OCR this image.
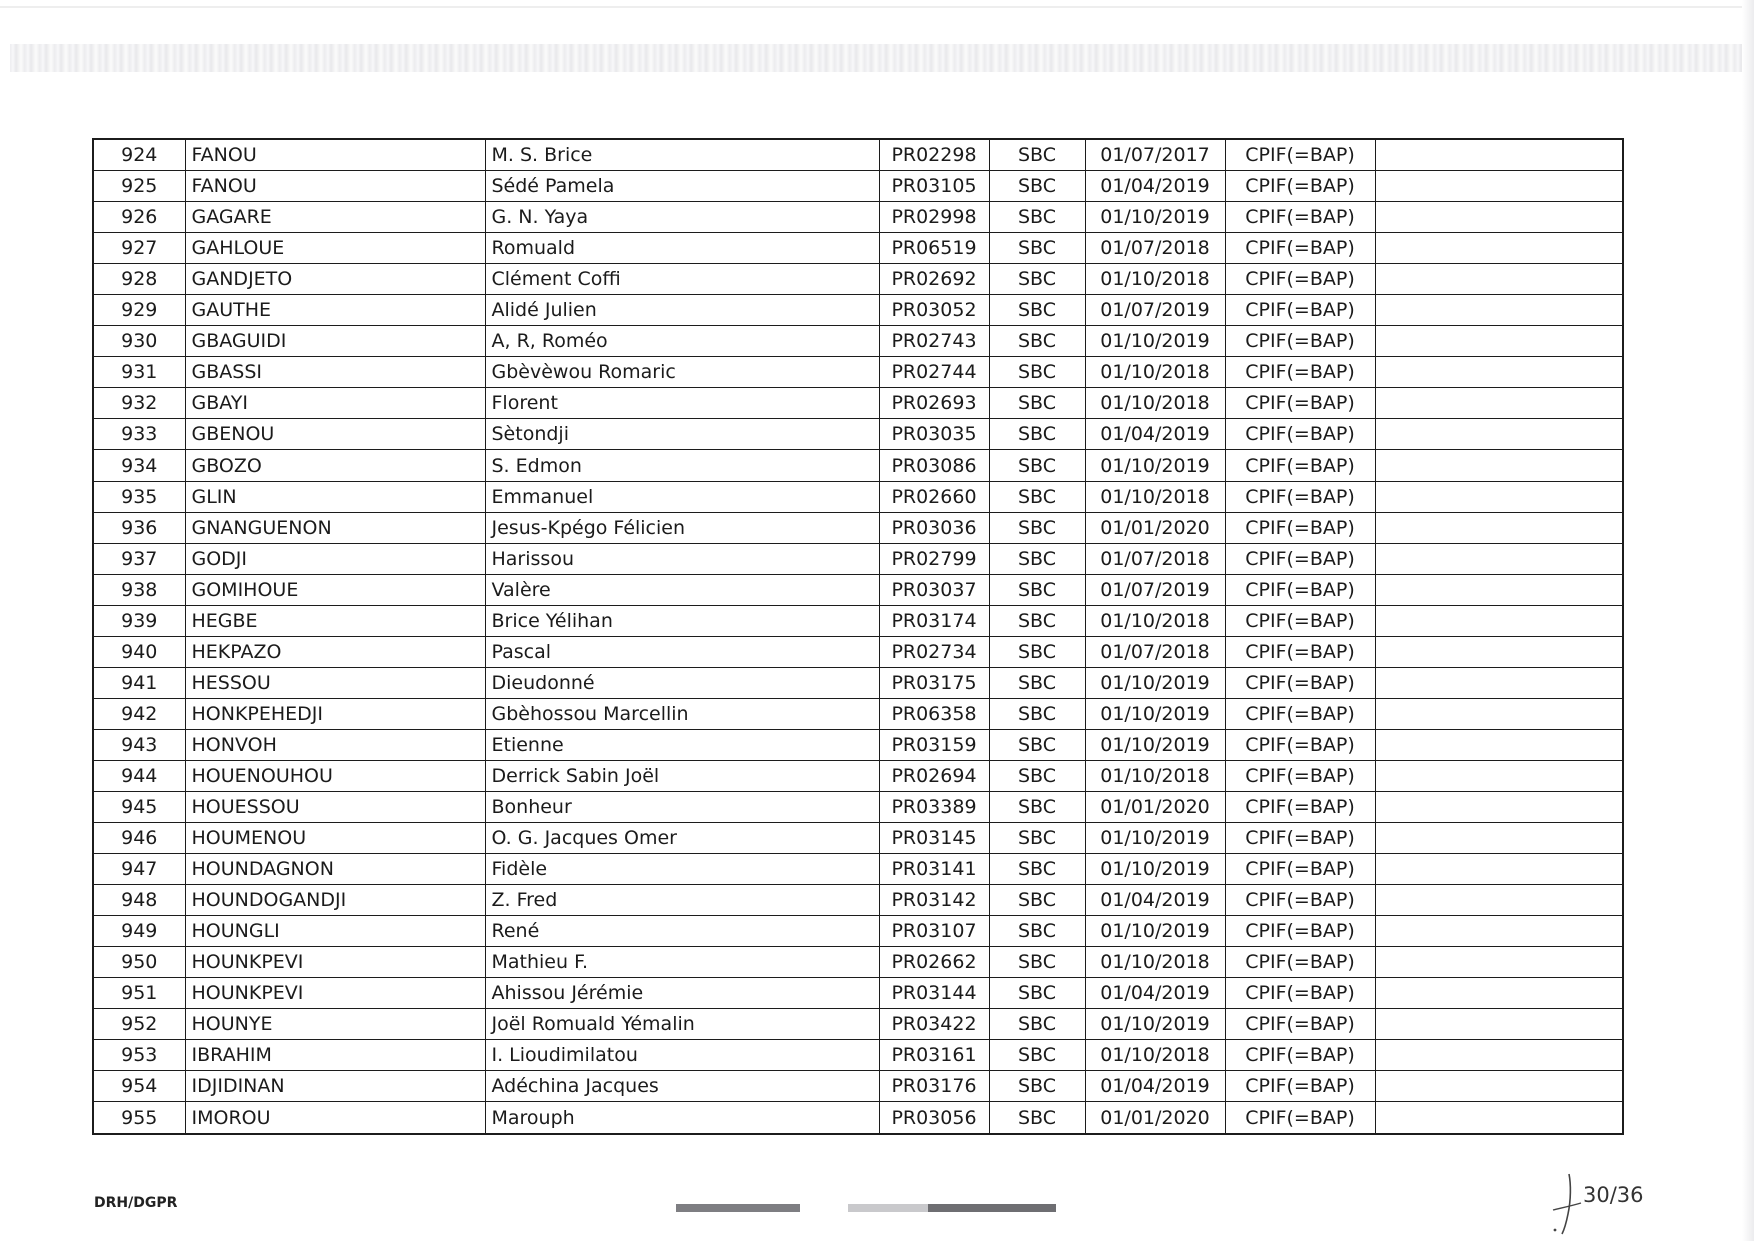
924	FANOU	M. S. Brice	PR02298	SBC	01/07/2017	CPIF(=BAP)	
925	FANOU	Sédé Pamela	PR03105	SBC	01/04/2019	CPIF(=BAP)	
926	GAGARE	G. N. Yaya	PR02998	SBC	01/10/2019	CPIF(=BAP)	
927	GAHLOUE	Romuald	PR06519	SBC	01/07/2018	CPIF(=BAP)	
928	GANDJETO	Clément Coffi	PR02692	SBC	01/10/2018	CPIF(=BAP)	
929	GAUTHE	Alidé Julien	PR03052	SBC	01/07/2019	CPIF(=BAP)	
930	GBAGUIDI	A, R, Roméo	PR02743	SBC	01/10/2019	CPIF(=BAP)	
931	GBASSI	Gbèvèwou Romaric	PR02744	SBC	01/10/2018	CPIF(=BAP)	
932	GBAYI	Florent	PR02693	SBC	01/10/2018	CPIF(=BAP)	
933	GBENOU	Sètondji	PR03035	SBC	01/04/2019	CPIF(=BAP)	
934	GBOZO	S. Edmon	PR03086	SBC	01/10/2019	CPIF(=BAP)	
935	GLIN	Emmanuel	PR02660	SBC	01/10/2018	CPIF(=BAP)	
936	GNANGUENON	Jesus-Kpégo Félicien	PR03036	SBC	01/01/2020	CPIF(=BAP)	
937	GODJI	Harissou	PR02799	SBC	01/07/2018	CPIF(=BAP)	
938	GOMIHOUE	Valère	PR03037	SBC	01/07/2019	CPIF(=BAP)	
939	HEGBE	Brice Yélihan	PR03174	SBC	01/10/2018	CPIF(=BAP)	
940	HEKPAZO	Pascal	PR02734	SBC	01/07/2018	CPIF(=BAP)	
941	HESSOU	Dieudonné	PR03175	SBC	01/10/2019	CPIF(=BAP)	
942	HONKPEHEDJI	Gbèhossou Marcellin	PR06358	SBC	01/10/2019	CPIF(=BAP)	
943	HONVOH	Etienne	PR03159	SBC	01/10/2019	CPIF(=BAP)	
944	HOUENOUHOU	Derrick Sabin Joël	PR02694	SBC	01/10/2018	CPIF(=BAP)	
945	HOUESSOU	Bonheur	PR03389	SBC	01/01/2020	CPIF(=BAP)	
946	HOUMENOU	O. G. Jacques Omer	PR03145	SBC	01/10/2019	CPIF(=BAP)	
947	HOUNDAGNON	Fidèle	PR03141	SBC	01/10/2019	CPIF(=BAP)	
948	HOUNDOGANDJI	Z. Fred	PR03142	SBC	01/04/2019	CPIF(=BAP)	
949	HOUNGLI	René	PR03107	SBC	01/10/2019	CPIF(=BAP)	
950	HOUNKPEVI	Mathieu F.	PR02662	SBC	01/10/2018	CPIF(=BAP)	
951	HOUNKPEVI	Ahissou Jérémie	PR03144	SBC	01/04/2019	CPIF(=BAP)	
952	HOUNYE	Joël Romuald Yémalin	PR03422	SBC	01/10/2019	CPIF(=BAP)	
953	IBRAHIM	I. Lioudimilatou	PR03161	SBC	01/10/2018	CPIF(=BAP)	
954	IDJIDINAN	Adéchina Jacques	PR03176	SBC	01/04/2019	CPIF(=BAP)	
955	IMOROU	Marouph	PR03056	SBC	01/01/2020	CPIF(=BAP)	
DRH/DGPR	30/36
